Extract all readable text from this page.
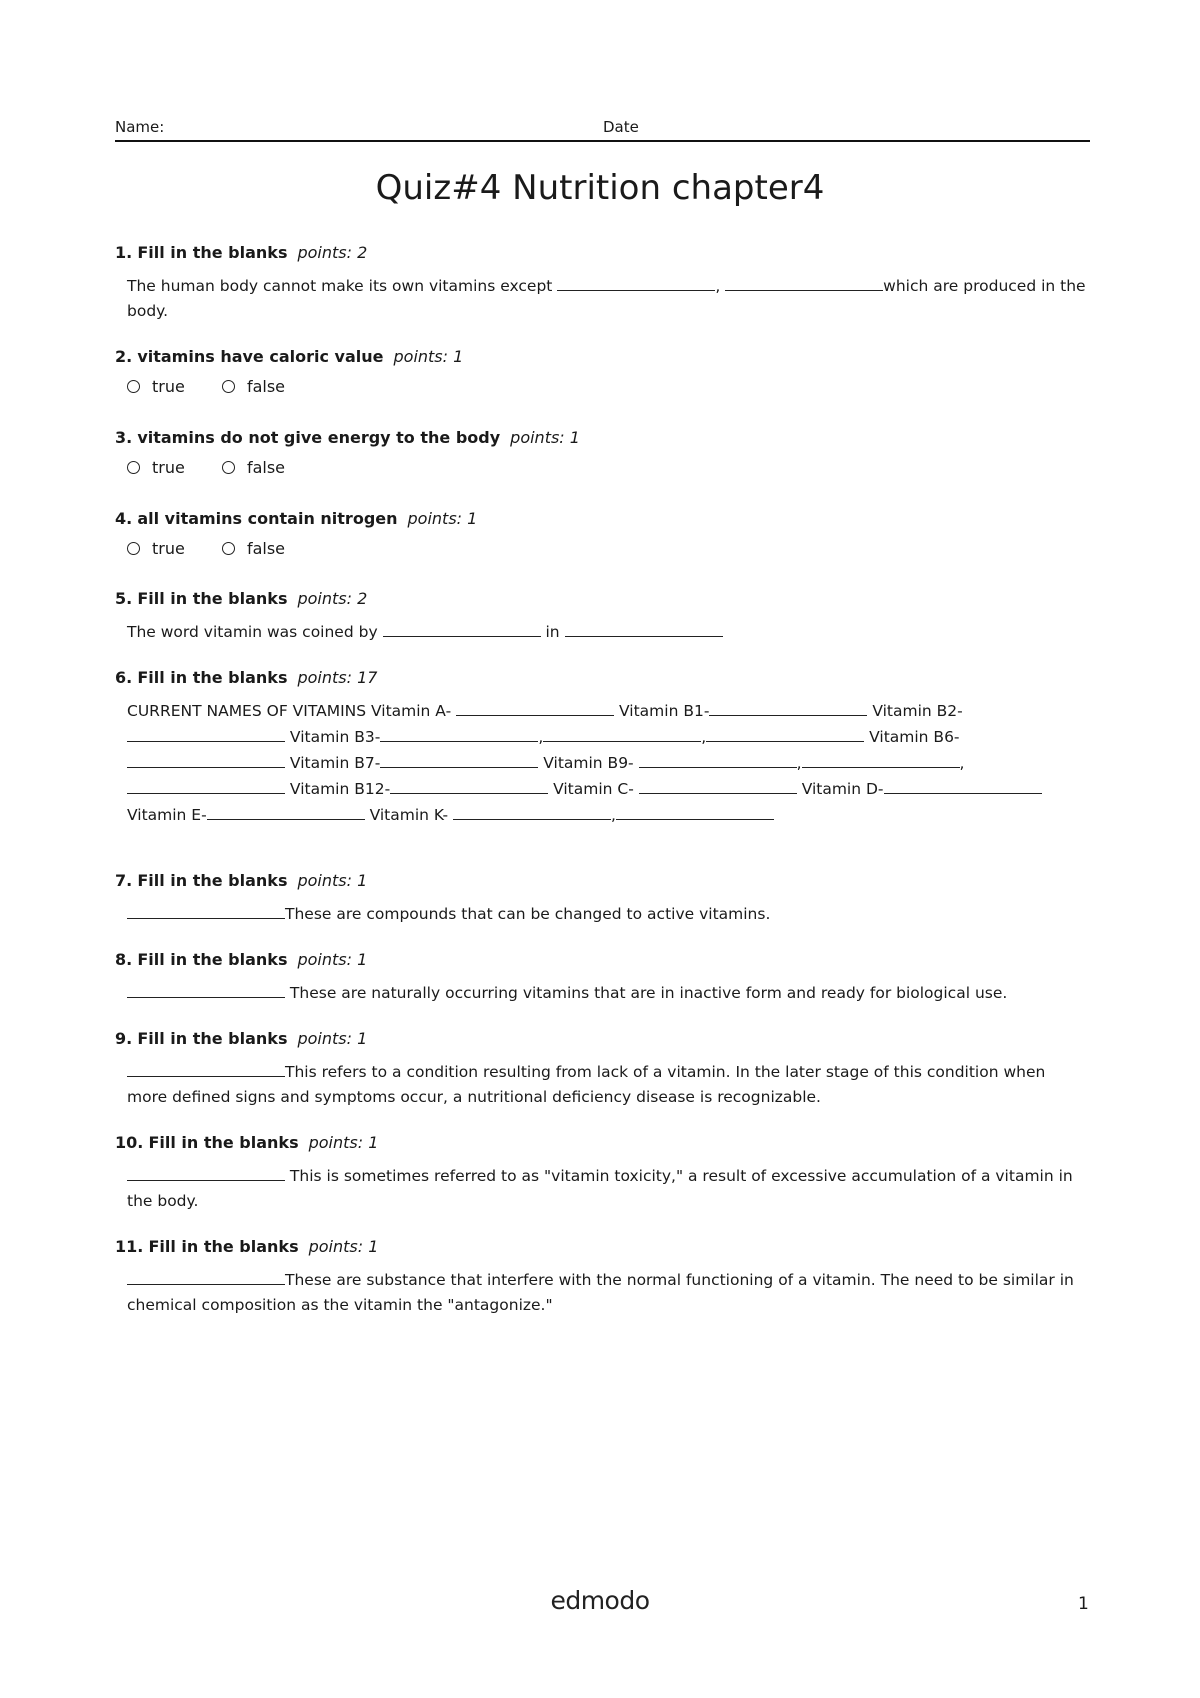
Name:	Date
Quiz#4 Nutrition chapter4
1. Fill in the blanks points: 2
The human body cannot make its own vitamins except	,	which are produced in the body.
2. vitamins have caloric value points: 1
true	false
3. vitamins do not give energy to the body points: 1
true	false
4. all vitamins contain nitrogen points: 1
true	false
5. Fill in the blanks points: 2
The word vitamin was coined by	in
6. Fill in the blanks points: 17
CURRENT NAMES OF VITAMINS Vitamin A-	Vitamin B1-	Vitamin B2-  Vitamin B3-	,	,	Vitamin B6-  Vitamin B7-	Vitamin B9-	,	, Vitamin B12-	Vitamin C-	Vitamin D- Vitamin E-	Vitamin K-	,
7. Fill in the blanks points: 1
These are compounds that can be changed to active vitamins.
8. Fill in the blanks points: 1
These are naturally occurring vitamins that are in inactive form and ready for biological use.
9. Fill in the blanks points: 1
This refers to a condition resulting from lack of a vitamin. In the later stage of this condition when more defined signs and symptoms occur, a nutritional deficiency disease is recognizable.
10. Fill in the blanks points: 1
This is sometimes referred to as "vitamin toxicity," a result of excessive accumulation of a vitamin in the body.
11. Fill in the blanks points: 1
These are substance that interfere with the normal functioning of a vitamin. The need to be similar in chemical composition as the vitamin the "antagonize."
edmodo	1
